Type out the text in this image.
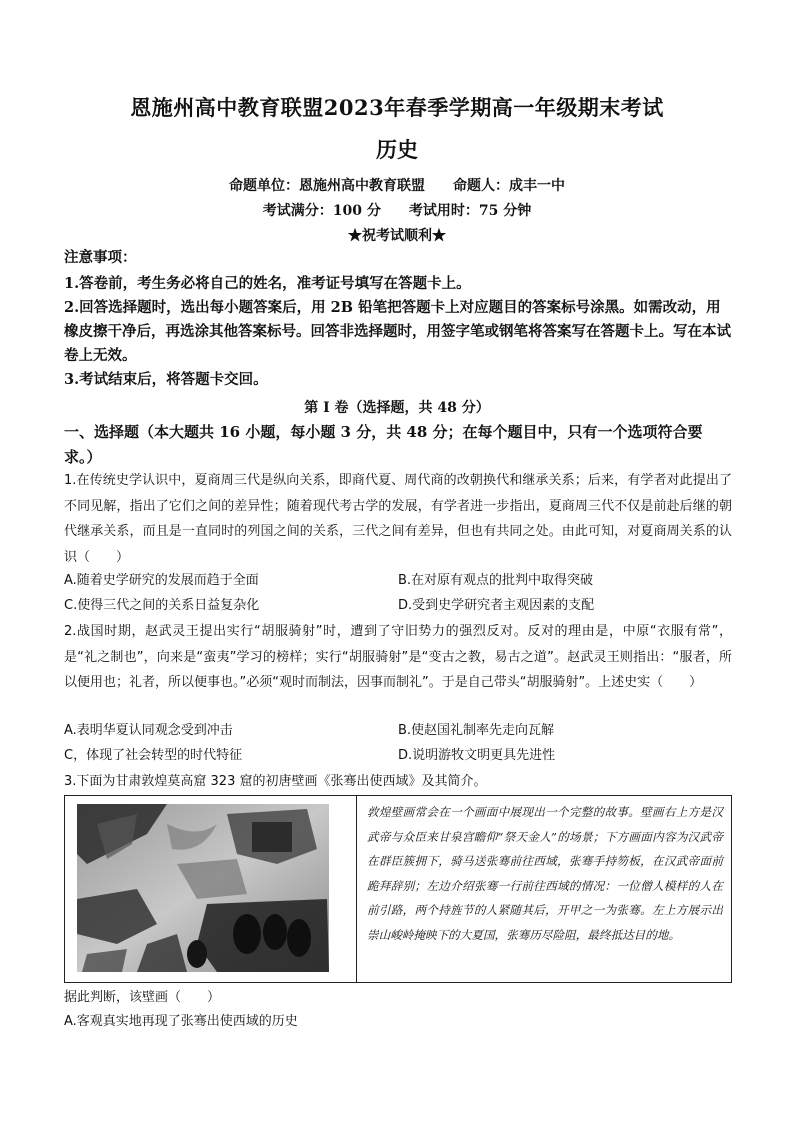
恩施州高中教育联盟2023年春季学期高一年级期末考试
历史
命题单位：恩施州高中教育联盟 命题人：成丰一中
考试满分：100 分 考试用时：75 分钟
★祝考试顺利★
注意事项：
1.答卷前，考生务必将自己的姓名，准考证号填写在答题卡上。
2.回答选择题时，选出每小题答案后，用 2B 铅笔把答题卡上对应题目的答案标号涂黑。如需改动，用橡皮擦干净后，再选涂其他答案标号。回答非选择题时，用签字笔或钢笔将答案写在答题卡上。写在本试卷上无效。
3.考试结束后，将答题卡交回。
第 I 卷（选择题，共 48 分）
一、选择题（本大题共 16 小题，每小题 3 分，共 48 分；在每个题目中，只有一个选项符合要求。）
1.在传统史学认识中，夏商周三代是纵向关系，即商代夏、周代商的改朝换代和继承关系；后来，有学者对此提出了不同见解，指出了它们之间的差异性；随着现代考古学的发展，有学者进一步指出，夏商周三代不仅是前赴后继的朝代继承关系，而且是一直同时的列国之间的关系，三代之间有差异，但也有共同之处。由此可知，对夏商周关系的认识（　　）
A.随着史学研究的发展而趋于全面	B.在对原有观点的批判中取得突破
C.使得三代之间的关系日益复杂化	D.受到史学研究者主观因素的支配
2.战国时期，赵武灵王提出实行“胡服骑射”时，遭到了守旧势力的强烈反对。反对的理由是，中原“衣服有常”，是“礼之制也”，向来是“蛮夷”学习的榜样；实行“胡服骑射”是“变古之教，易古之道”。赵武灵王则指出：“服者，所以便用也；礼者，所以便事也。”必须“观时而制法，因事而制礼”。于是自己带头“胡服骑射”。上述史实（　　）
A.表明华夏认同观念受到冲击	B.使赵国礼制率先走向瓦解
C，体现了社会转型的时代特征	D.说明游牧文明更具先进性
3.下面为甘肃敦煌莫高窟 323 窟的初唐壁画《张骞出使西域》及其简介。
敦煌壁画常会在一个画面中展现出一个完整的故事。壁画右上方是汉武帝与众臣来甘泉宫瞻仰“祭天金人”的场景；下方画面内容为汉武帝在群臣簇拥下，骑马送张骞前往西域，张骞手持笏板，在汉武帝面前跪拜辞别；左边介绍张骞一行前往西域的情况：一位僧人模样的人在前引路，两个持旌节的人紧随其后，开甲之一为张骞。左上方展示出崇山峻岭掩映下的大夏国，张骞历尽险阻，最终抵达目的地。
据此判断，该壁画（　　）
A.客观真实地再现了张骞出使西域的历史
